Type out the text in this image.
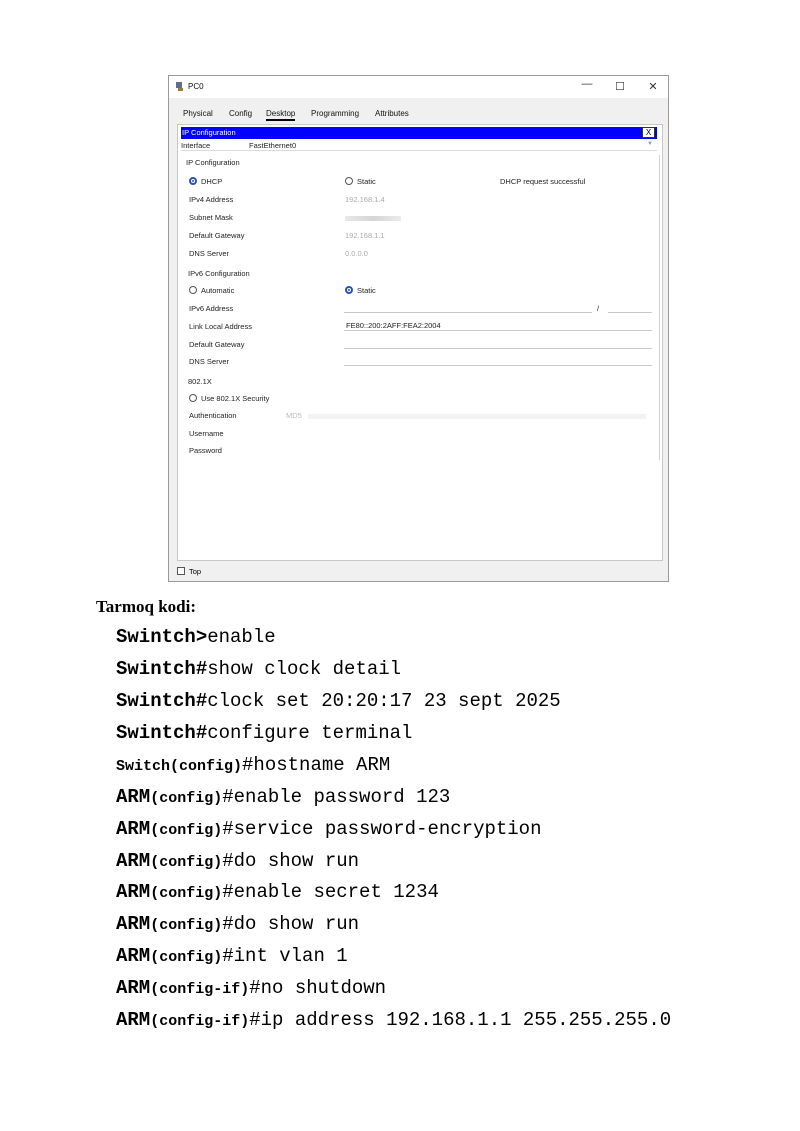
PC0	— ☐ ✕
Physical Config Desktop Programming Attributes
IP Configuration	X
Interface	FastEthernet0	▼
IP Configuration
DHCP	Static	DHCP request successful
IPv4 Address	192.168.1.4
Subnet Mask
Default Gateway	192.168.1.1
DNS Server	0.0.0.0
IPv6 Configuration
Automatic	Static
IPv6 Address	/
Link Local Address	FE80::200:2AFF:FEA2:2004
Default Gateway
DNS Server
802.1X
Use 802.1X Security
Authentication	MD5
Username
Password
Top
Tarmoq kodi:
Swintch>enable
Swintch#show clock detail
Swintch#clock set 20:20:17 23 sept 2025
Swintch#configure terminal
Switch(config)#hostname ARM
ARM(config)#enable password 123
ARM(config)#service password-encryption
ARM(config)#do show run
ARM(config)#enable secret 1234
ARM(config)#do show run
ARM(config)#int vlan 1
ARM(config-if)#no shutdown
ARM(config-if)#ip address 192.168.1.1 255.255.255.0
